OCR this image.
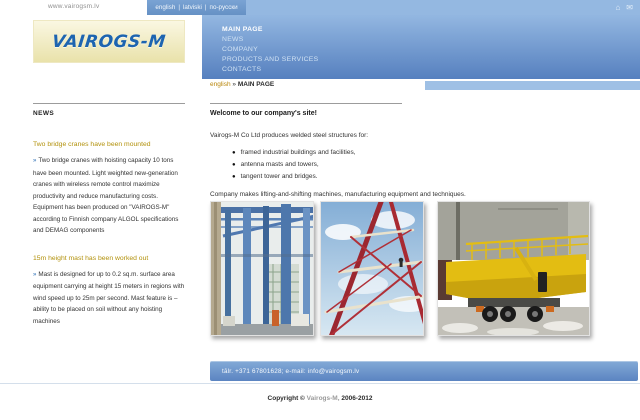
www.vairogsm.lv	⌂ ✉
english | latviski | по-русски
VAIROGS-M
MAIN PAGE
NEWS
COMPANY
PRODUCTS AND SERVICES
CONTACTS
english » MAIN PAGE
NEWS
Two bridge cranes have been mounted
» Two bridge cranes with hoisting capacity 10 tons have been mounted. Light weighted new-generation cranes with wireless remote control maximize productivity and reduce manufacturing costs. Equipment has been produced on "VAIROGS-M" according to Finnish company ALGOL specifications and DEMAG components
15m height mast has been worked out
» Mast is designed for up to 0.2 sq.m. surface area equipment carrying at height 15 meters in regions with wind speed up to 25m per second. Mast feature is – ability to be placed on soil without any hoisting machines
Welcome to our company's site!
Vairogs-M Co Ltd produces welded steel structures for:
● framed industrial buildings and facilities,
● antenna masts and towers,
● tangent tower and bridges.
Company makes lifting-and-shifting machines, manufacturing equipment and techniques.
tālr. +371 67801628; e-mail: info@vairogsm.lv
Copyright © Vairogs-M, 2006-2012
